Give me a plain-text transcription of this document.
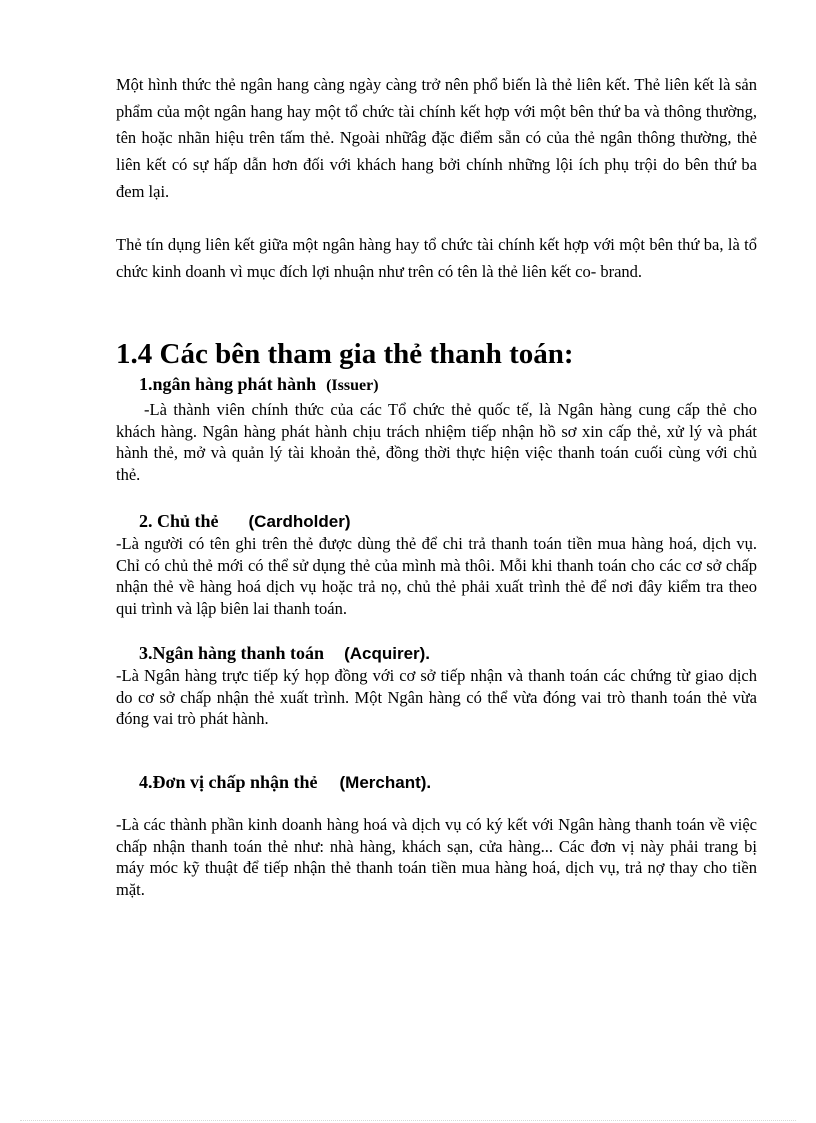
Một hình thức thẻ ngân hang càng ngày càng trở nên phổ biến là thẻ liên kết. Thẻ liên kết là sản phẩm của một ngân hang hay một tổ chức tài chính kết hợp với một bên thứ ba và thông thường, tên hoặc nhãn hiệu trên tấm thẻ. Ngoài nhữâg đặc điểm sẵn có của thẻ ngân thông thường, thẻ liên kết có sự hấp dẫn hơn đối với khách hang bởi chính những lội ích phụ trội do bên thứ ba đem lại.

Thẻ tín dụng liên kết giữa một ngân hàng hay tổ chức tài chính kết hợp với một bên thứ ba, là tổ chức kinh doanh vì mục đích lợi nhuận như trên có tên là thẻ liên kết co- brand.

1.4 Các bên tham gia thẻ thanh toán:
1.ngân hàng phát hành (Issuer)

-Là thành viên chính thức của các Tổ chức thẻ quốc tế, là Ngân hàng cung cấp thẻ cho khách hàng. Ngân hàng phát hành chịu trách nhiệm tiếp nhận hồ sơ xin cấp thẻ, xử lý và phát hành thẻ, mở và quản lý tài khoản thẻ, đồng thời thực hiện việc thanh toán cuối cùng với chủ thẻ.

2. Chủ thẻ (Cardholder)

-Là người có tên ghi trên thẻ được dùng thẻ để chi trả thanh toán tiền mua hàng hoá, dịch vụ. Chỉ có chủ thẻ mới có thể sử dụng thẻ của mình mà thôi. Mỗi khi thanh toán cho các cơ sở chấp nhận thẻ về hàng hoá dịch vụ hoặc trả nọ, chủ thẻ phải xuất trình thẻ để nơi đây kiểm tra theo qui trình và lập biên lai thanh toán.

3.Ngân hàng thanh toán (Acquirer).

-Là Ngân hàng trực tiếp ký họp đồng với cơ sở tiếp nhận và thanh toán các chứng từ giao dịch do cơ sở chấp nhận thẻ xuất trình. Một Ngân hàng có thể vừa đóng vai trò thanh toán thẻ vừa đóng vai trò phát hành.

4.Đơn vị chấp nhận thẻ (Merchant).

-Là các thành phần kinh doanh hàng hoá và dịch vụ có ký kết với Ngân hàng thanh toán về việc chấp nhận thanh toán thẻ như: nhà hàng, khách sạn, cửa hàng... Các đơn vị này phải trang bị máy móc kỹ thuật để tiếp nhận thẻ thanh toán tiền mua hàng hoá, dịch vụ, trả nợ thay cho tiền mặt.
